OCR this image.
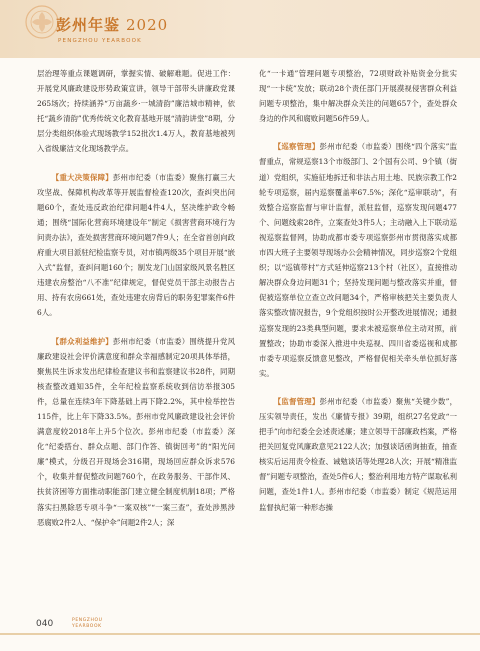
彭州年鉴 2020
PENGZHOU YEARBOOK

层治理等重点课题调研，掌握实情、破解难题。促进工作：开展党风廉政建设形势政策宣讲，领导干部带头讲廉政党课265场次；持续涵养“万亩蔬乡·一城清韵”廉洁城市精神，依托“蔬乡清韵”优秀传统文化教育基地开展“清韵讲堂”8期，分层分类组织体验式现场教学152批次1.4万人，教育基地被列入省级廉洁文化现场教学点。

【重大决策保障】彭州市纪委（市监委）聚焦打赢三大攻坚战、保障机构改革等开展监督检查120次，查纠突出问题60个，查处违反政治纪律问题4件4人，坚决维护政令畅通；围绕“国际化营商环境建设年”制定《损害营商环境行为问责办法》，查处损害营商环境问题7件9人；在全省首创向政府重大项目派驻纪检监察专员，对市镇两级35个项目开展“嵌入式”监督，查纠问题160个；制发龙门山国家级风景名胜区违建农房整治“八不准”纪律规定，督促党员干部主动报告占用、持有农房661处，查处违建农房背后的职务犯罪案件6件6人。

【群众利益维护】彭州市纪委（市监委）围绕提升党风廉政建设社会评价满意度和群众幸福感制定20项具体举措，聚焦民生诉求发出纪律检查建议书和监察建议书28件，同期核查整改通知35件，全年纪检监察系统收到信访举报305件，总量在连续3年下降基础上再下降2.2%，其中检举控告115件，比上年下降33.5%。彭州市党风廉政建设社会评价满意度较2018年上升5个位次。彭州市纪委（市监委）深化“纪委搭台、群众点题、部门作答、镇街回考”的“阳光问廉”模式，分级召开现场会316期，现场回应群众诉求576个，收集并督促整改问题760个，在政务服务、干部作风、扶贫济困等方面推动职能部门建立健全制度机制18项；严格落实扫黑除恶专项斗争“一案双核”“一案三查”，查处涉黑涉恶腐败2件2人、“保护伞”问题2件2人；深

化“一卡通”管理问题专项整治，72项财政补贴资金分批实现“一卡统”发放；联动28个责任部门开展漠视侵害群众利益问题专项整治，集中解决群众关注的问题657个，查处群众身边的作风和腐败问题56件59人。

【巡察管理】彭州市纪委（市监委）围绕“四个落实”监督重点，常规巡察13个市级部门、2个国有公司、9个镇（街道）党组织，实施征地拆迁和非法占用土地、民族宗教工作2轮专项巡察，届内巡察覆盖率67.5%；深化“巡审联动”，有效整合巡察监督与审计监督，派驻监督，巡察发现问题477个、问题线索28件，立案查处3件5人；主动融入上下联动巡视巡察监督网，协助成都市委专项巡察彭州市贯彻落实成都市四大班子主要领导现场办公会精神情况，同步巡察2个党组织；以“巡镇带村”方式延伸巡察213个村（社区），直接推动解决群众身边问题31个；坚持发现问题与整改落实并重，督促被巡察单位立查立改问题34个，严格审核把关主要负责人落实整改情况报告，9个党组织按时公开整改进展情况；通报巡察发现的23类典型问题，要求未被巡察单位主动对照，前置整改；协助市委深入推进中央巡视、四川省委巡视和成都市委专项巡察反馈意见整改，严格督促相关牵头单位抓好落实。

【监督管理】彭州市纪委（市监委）聚焦“关键少数”，压实领导责任，发出《廉情专报》39期，组织27名党政“一把手”向市纪委全会述责述廉；建立领导干部廉政档案，严格把关回复党风廉政意见2122人次；加强谈话函询抽查，抽查核实后运用责令检查、诫勉谈话等处理28人次；开展“精准监督”问题专项整治，查处5件6人；整治利用地方特产谋取私利问题，查处1件1人。彭州市纪委（市监委）制定《规范运用监督执纪第一种形态操

040	PENGZHOU
YEARBOOK
